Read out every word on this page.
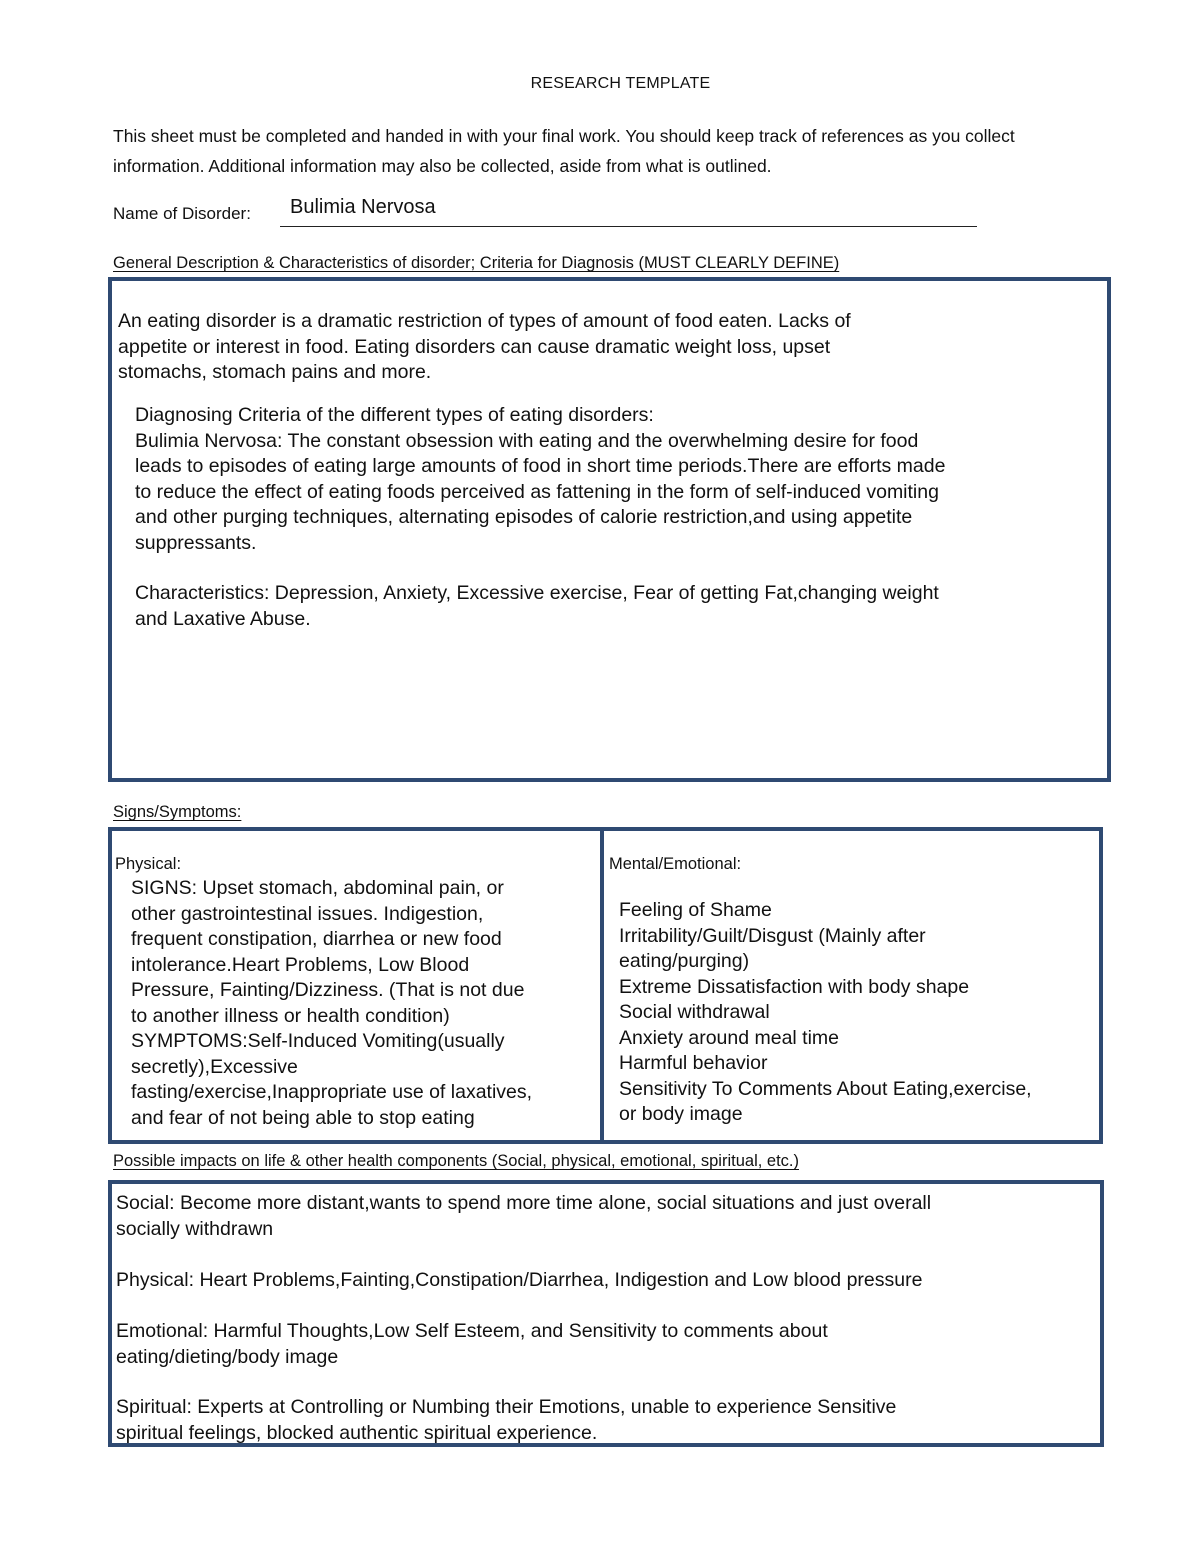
RESEARCH TEMPLATE
This sheet must be completed and handed in with your final work. You should keep track of references as you collect information. Additional information may also be collected, aside from what is outlined.
Name of Disorder: Bulimia Nervosa
General Description & Characteristics of disorder; Criteria for Diagnosis (MUST CLEARLY DEFINE)
An eating disorder is a dramatic restriction of types of amount of food eaten. Lacks of
appetite or interest in food. Eating disorders can cause dramatic weight loss, upset
stomachs, stomach pains and more.
Diagnosing Criteria of the different types of eating disorders:
Bulimia Nervosa: The constant obsession with eating and the overwhelming desire for food
leads to episodes of eating large amounts of food in short time periods.There are efforts made
to reduce the effect of eating foods perceived as fattening in the form of self-induced vomiting
and other purging techniques, alternating episodes of calorie restriction,and using appetite
suppressants.
Characteristics: Depression, Anxiety, Excessive exercise, Fear of getting Fat,changing weight
and Laxative Abuse.
Signs/Symptoms:
Physical:
SIGNS: Upset stomach, abdominal pain, or
other gastrointestinal issues. Indigestion,
frequent constipation, diarrhea or new food
intolerance.Heart Problems, Low Blood
Pressure, Fainting/Dizziness. (That is not due
to another illness or health condition)
SYMPTOMS:Self-Induced Vomiting(usually
secretly),Excessive
fasting/exercise,Inappropriate use of laxatives,
and fear of not being able to stop eating
Mental/Emotional:
Feeling of Shame
Irritability/Guilt/Disgust (Mainly after
eating/purging)
Extreme Dissatisfaction with body shape
Social withdrawal
Anxiety around meal time
Harmful behavior
Sensitivity To Comments About Eating,exercise,
or body image
Possible impacts on life & other health components (Social, physical, emotional, spiritual, etc.)
Social: Become more distant,wants to spend more time alone, social situations and just overall
socially withdrawn
Physical: Heart Problems,Fainting,Constipation/Diarrhea, Indigestion and Low blood pressure
Emotional: Harmful Thoughts,Low Self Esteem, and Sensitivity to comments about
eating/dieting/body image
Spiritual: Experts at Controlling or Numbing their Emotions, unable to experience Sensitive
spiritual feelings, blocked authentic spiritual experience.
